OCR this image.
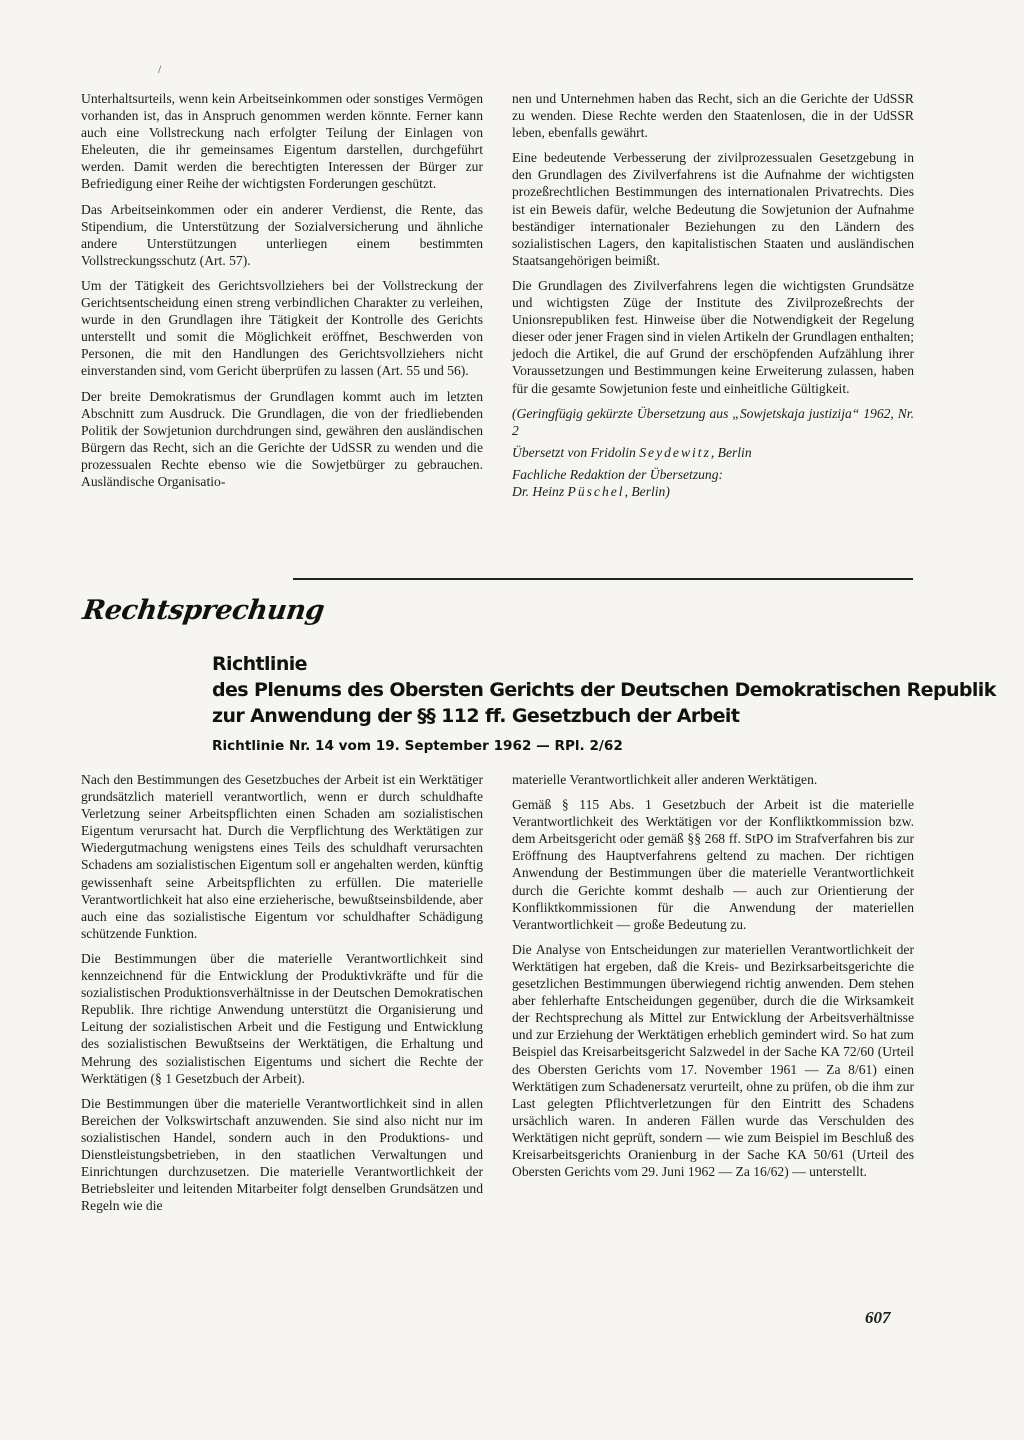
/

Unterhaltsurteils, wenn kein Arbeitseinkommen oder sonstiges Vermögen vorhanden ist, das in Anspruch genommen werden könnte. Ferner kann auch eine Vollstreckung nach erfolgter Teilung der Einlagen von Eheleuten, die ihr gemeinsames Eigentum darstellen, durchgeführt werden. Damit werden die berechtigten Interessen der Bürger zur Befriedigung einer Reihe der wichtigsten Forderungen geschützt.

Das Arbeitseinkommen oder ein anderer Verdienst, die Rente, das Stipendium, die Unterstützung der Sozialversicherung und ähnliche andere Unterstützungen unterliegen einem bestimmten Vollstreckungsschutz (Art. 57).

Um der Tätigkeit des Gerichtsvollziehers bei der Vollstreckung der Gerichtsentscheidung einen streng verbindlichen Charakter zu verleihen, wurde in den Grundlagen ihre Tätigkeit der Kontrolle des Gerichts unterstellt und somit die Möglichkeit eröffnet, Beschwerden von Personen, die mit den Handlungen des Gerichtsvollziehers nicht einverstanden sind, vom Gericht überprüfen zu lassen (Art. 55 und 56).

Der breite Demokratismus der Grundlagen kommt auch im letzten Abschnitt zum Ausdruck. Die Grundlagen, die von der friedliebenden Politik der Sowjetunion durchdrungen sind, gewähren den ausländischen Bürgern das Recht, sich an die Gerichte der UdSSR zu wenden und die prozessualen Rechte ebenso wie die Sowjetbürger zu gebrauchen. Ausländische Organisatio-

nen und Unternehmen haben das Recht, sich an die Gerichte der UdSSR zu wenden. Diese Rechte werden den Staatenlosen, die in der UdSSR leben, ebenfalls gewährt.

Eine bedeutende Verbesserung der zivilprozessualen Gesetzgebung in den Grundlagen des Zivilverfahrens ist die Aufnahme der wichtigsten prozeßrechtlichen Bestimmungen des internationalen Privatrechts. Dies ist ein Beweis dafür, welche Bedeutung die Sowjetunion der Aufnahme beständiger internationaler Beziehungen zu den Ländern des sozialistischen Lagers, den kapitalistischen Staaten und ausländischen Staatsangehörigen beimißt.

Die Grundlagen des Zivilverfahrens legen die wichtigsten Grundsätze und wichtigsten Züge der Institute des Zivilprozeßrechts der Unionsrepubliken fest. Hinweise über die Notwendigkeit der Regelung dieser oder jener Fragen sind in vielen Artikeln der Grundlagen enthalten; jedoch die Artikel, die auf Grund der erschöpfenden Aufzählung ihrer Voraussetzungen und Bestimmungen keine Erweiterung zulassen, haben für die gesamte Sowjetunion feste und einheitliche Gültigkeit.

(Geringfügig gekürzte Übersetzung aus „Sowjetskaja justizija“ 1962, Nr. 2

Übersetzt von Fridolin Seydewitz, Berlin

Fachliche Redaktion der Übersetzung:

Dr. Heinz Püschel, Berlin)

Rechtsprechung
Richtlinie
des Plenums des Obersten Gerichts der Deutschen Demokratischen Republik
zur Anwendung der §§ 112 ff. Gesetzbuch der Arbeit
Richtlinie Nr. 14 vom 19. September 1962 — RPl. 2/62

Nach den Bestimmungen des Gesetzbuches der Arbeit ist ein Werktätiger grundsätzlich materiell verantwortlich, wenn er durch schuldhafte Verletzung seiner Arbeitspflichten einen Schaden am sozialistischen Eigentum verursacht hat. Durch die Verpflichtung des Werktätigen zur Wiedergutmachung wenigstens eines Teils des schuldhaft verursachten Schadens am sozialistischen Eigentum soll er angehalten werden, künftig gewissenhaft seine Arbeitspflichten zu erfüllen. Die materielle Verantwortlichkeit hat also eine erzieherische, bewußtseinsbildende, aber auch eine das sozialistische Eigentum vor schuldhafter Schädigung schützende Funktion.

Die Bestimmungen über die materielle Verantwortlichkeit sind kennzeichnend für die Entwicklung der Produktivkräfte und für die sozialistischen Produktionsverhältnisse in der Deutschen Demokratischen Republik. Ihre richtige Anwendung unterstützt die Organisierung und Leitung der sozialistischen Arbeit und die Festigung und Entwicklung des sozialistischen Bewußtseins der Werktätigen, die Erhaltung und Mehrung des sozialistischen Eigentums und sichert die Rechte der Werktätigen (§ 1 Gesetzbuch der Arbeit).

Die Bestimmungen über die materielle Verantwortlichkeit sind in allen Bereichen der Volkswirtschaft anzuwenden. Sie sind also nicht nur im sozialistischen Handel, sondern auch in den Produktions- und Dienstleistungsbetrieben, in den staatlichen Verwaltungen und Einrichtungen durchzusetzen. Die materielle Verantwortlichkeit der Betriebsleiter und leitenden Mitarbeiter folgt denselben Grundsätzen und Regeln wie die

materielle Verantwortlichkeit aller anderen Werktätigen.

Gemäß § 115 Abs. 1 Gesetzbuch der Arbeit ist die materielle Verantwortlichkeit des Werktätigen vor der Konfliktkommission bzw. dem Arbeitsgericht oder gemäß §§ 268 ff. StPO im Strafverfahren bis zur Eröffnung des Hauptverfahrens geltend zu machen. Der richtigen Anwendung der Bestimmungen über die materielle Verantwortlichkeit durch die Gerichte kommt deshalb — auch zur Orientierung der Konfliktkommissionen für die Anwendung der materiellen Verantwortlichkeit — große Bedeutung zu.

Die Analyse von Entscheidungen zur materiellen Verantwortlichkeit der Werktätigen hat ergeben, daß die Kreis- und Bezirksarbeitsgerichte die gesetzlichen Bestimmungen überwiegend richtig anwenden. Dem stehen aber fehlerhafte Entscheidungen gegenüber, durch die die Wirksamkeit der Rechtsprechung als Mittel zur Entwicklung der Arbeitsverhältnisse und zur Erziehung der Werktätigen erheblich gemindert wird. So hat zum Beispiel das Kreisarbeitsgericht Salzwedel in der Sache KA 72/60 (Urteil des Obersten Gerichts vom 17. November 1961 — Za 8/61) einen Werktätigen zum Schadenersatz verurteilt, ohne zu prüfen, ob die ihm zur Last gelegten Pflichtverletzungen für den Eintritt des Schadens ursächlich waren. In anderen Fällen wurde das Verschulden des Werktätigen nicht geprüft, sondern — wie zum Beispiel im Beschluß des Kreisarbeitsgerichts Oranienburg in der Sache KA 50/61 (Urteil des Obersten Gerichts vom 29. Juni 1962 — Za 16/62) — unterstellt.

607
